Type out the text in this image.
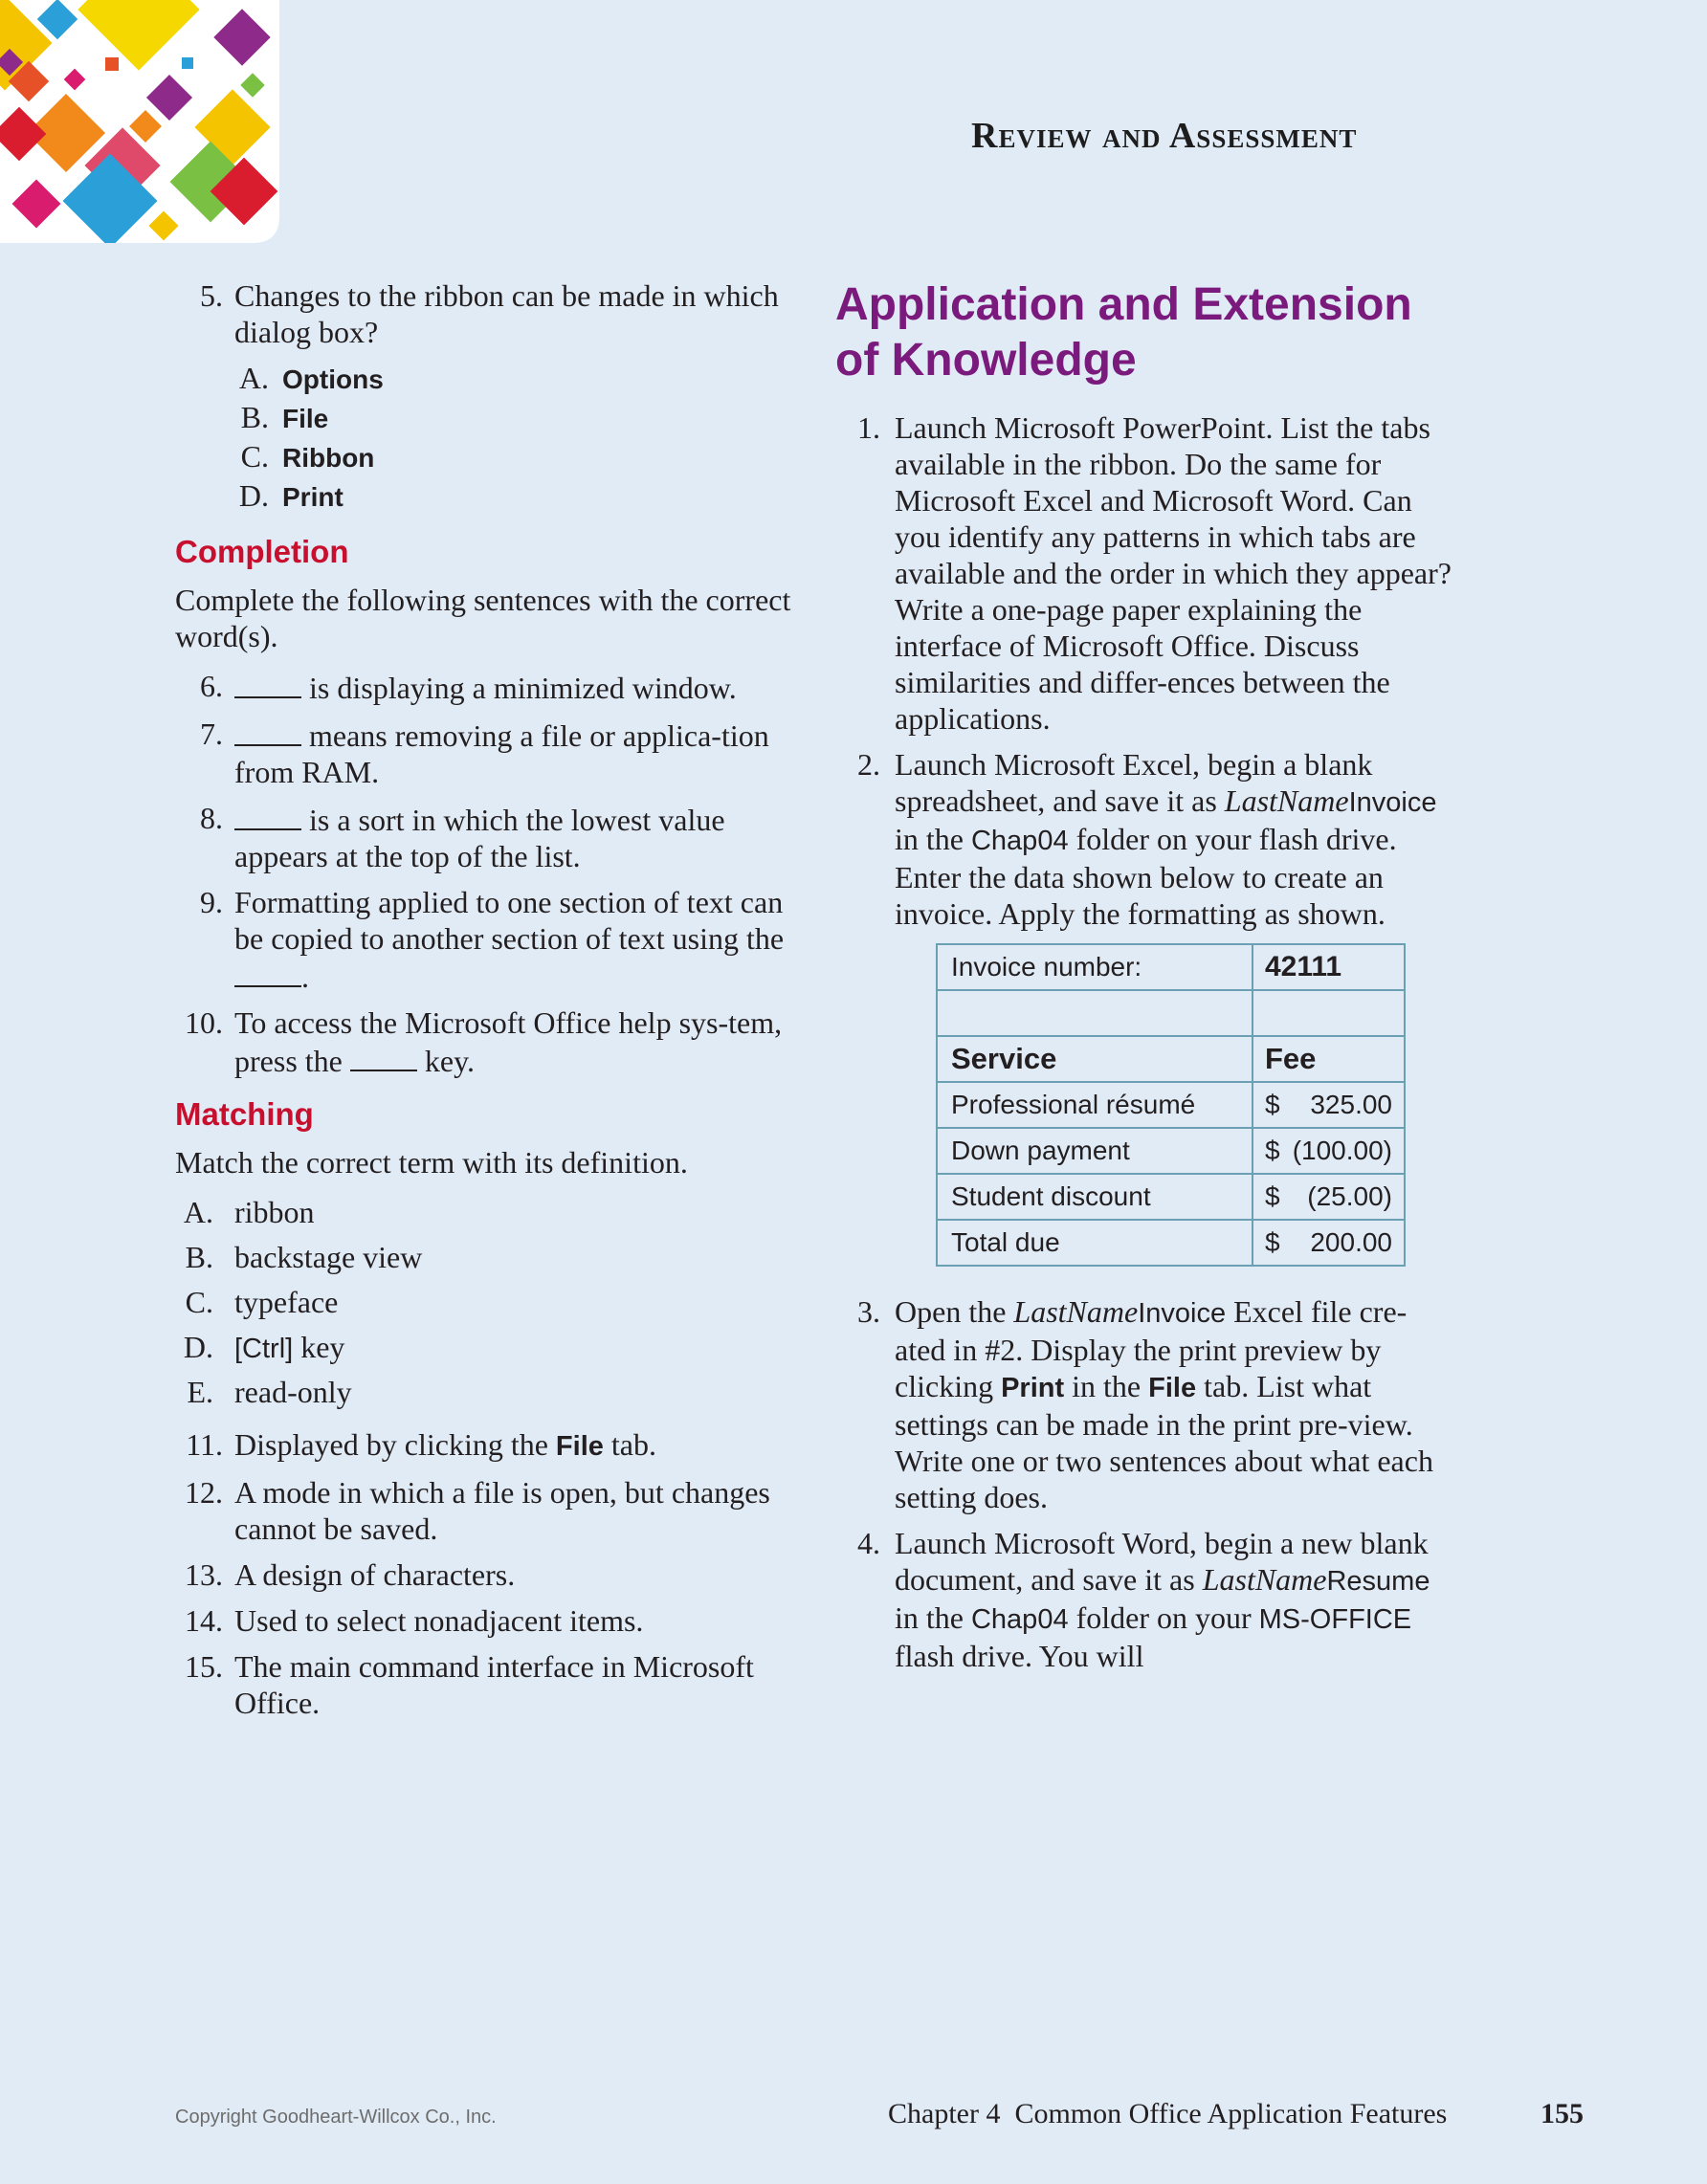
Review and Assessment
5. Changes to the ribbon can be made in which dialog box?
A. Options
B. File
C. Ribbon
D. Print
Completion
Complete the following sentences with the correct word(s).
6.	is displaying a minimized window.
7.	means removing a file or applica-tion from RAM.
8.	is a sort in which the lowest value appears at the top of the list.
9. Formatting applied to one section of text can be copied to another section of text using the .
10. To access the Microsoft Office help sys-tem, press the  key.
Matching
Match the correct term with its definition.
A. ribbon
B. backstage view
C. typeface
D. [Ctrl] key
E. read-only
11. Displayed by clicking the File tab.
12. A mode in which a file is open, but changes cannot be saved.
13. A design of characters.
14. Used to select nonadjacent items.
15. The main command interface in Microsoft Office.
Application and Extension of Knowledge
1. Launch Microsoft PowerPoint. List the tabs available in the ribbon. Do the same for Microsoft Excel and Microsoft Word. Can you identify any patterns in which tabs are available and the order in which they appear? Write a one-page paper explaining the interface of Microsoft Office. Discuss similarities and differ-ences between the applications.
2. Launch Microsoft Excel, begin a blank spreadsheet, and save it as LastNameInvoice in the Chap04 folder on your flash drive. Enter the data shown below to create an invoice. Apply the formatting as shown.
Invoice number:	42111

Service	Fee
Professional résumé	$ 325.00

Down payment	$ (100.00)

Student discount	$ (25.00)

Total due	$ 200.00
3. Open the LastNameInvoice Excel file cre-ated in #2. Display the print preview by clicking Print in the File tab. List what settings can be made in the print pre-view. Write one or two sentences about what each setting does.
4. Launch Microsoft Word, begin a new blank document, and save it as LastNameResume in the Chap04 folder on your MS-OFFICE flash drive. You will
Copyright Goodheart-Willcox Co., Inc.	Chapter 4  Common Office Application Features	155
